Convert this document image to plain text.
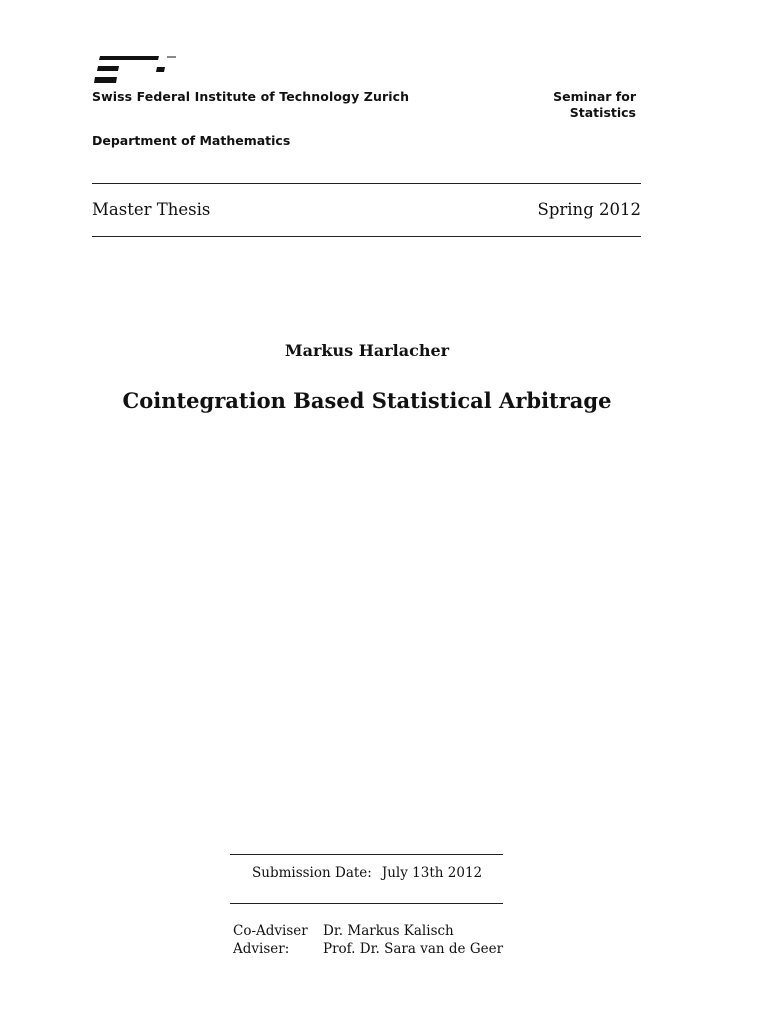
Swiss Federal Institute of Technology Zurich	Seminar for
Statistics
Department of Mathematics
Master Thesis	Spring 2012
Markus Harlacher
Cointegration Based Statistical Arbitrage
Submission Date: July 13th 2012
Co-Adviser	Dr. Markus Kalisch
Adviser:	Prof. Dr. Sara van de Geer
